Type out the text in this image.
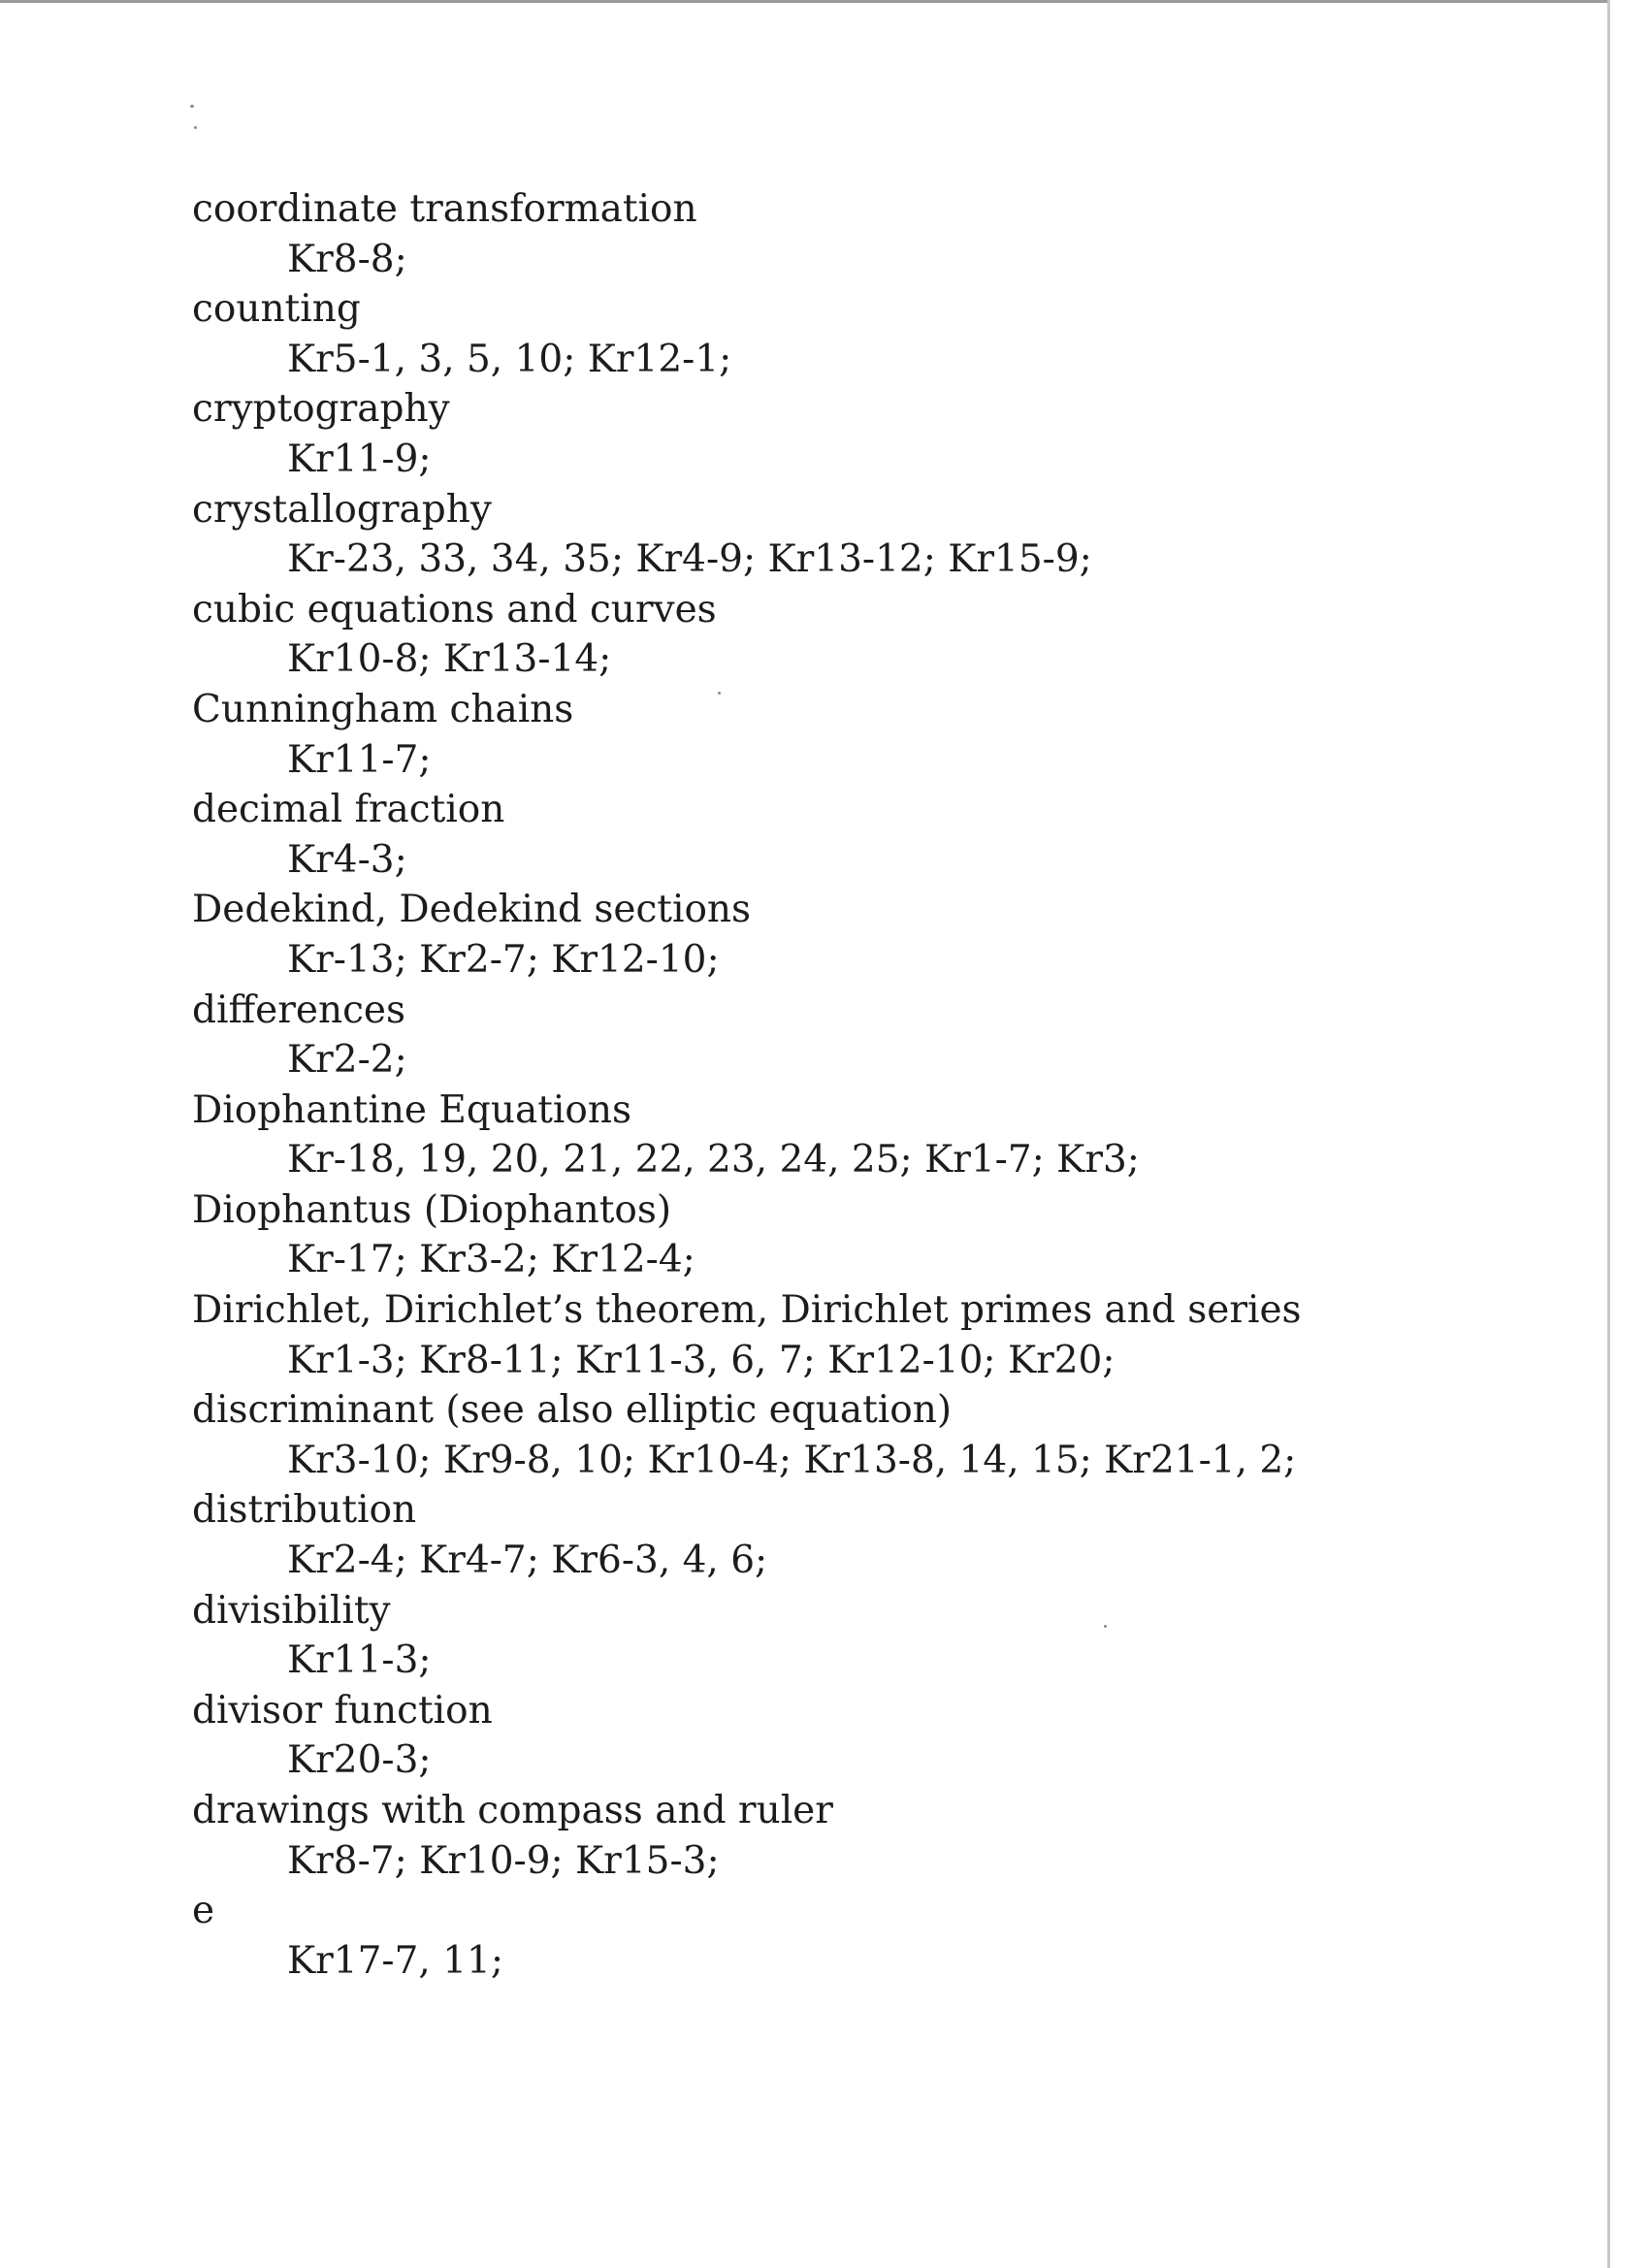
coordinate transformation
Kr8-8;
counting
Kr5-1, 3, 5, 10; Kr12-1;
cryptography
Kr11-9;
crystallography
Kr-23, 33, 34, 35; Kr4-9; Kr13-12; Kr15-9;
cubic equations and curves
Kr10-8; Kr13-14;
Cunningham chains
Kr11-7;
decimal fraction
Kr4-3;
Dedekind, Dedekind sections
Kr-13; Kr2-7; Kr12-10;
differences
Kr2-2;
Diophantine Equations
Kr-18, 19, 20, 21, 22, 23, 24, 25; Kr1-7; Kr3;
Diophantus (Diophantos)
Kr-17; Kr3-2; Kr12-4;
Dirichlet, Dirichlet’s theorem, Dirichlet primes and series
Kr1-3; Kr8-11; Kr11-3, 6, 7; Kr12-10; Kr20;
discriminant (see also elliptic equation)
Kr3-10; Kr9-8, 10; Kr10-4; Kr13-8, 14, 15; Kr21-1, 2;
distribution
Kr2-4; Kr4-7; Kr6-3, 4, 6;
divisibility
Kr11-3;
divisor function
Kr20-3;
drawings with compass and ruler
Kr8-7; Kr10-9; Kr15-3;
e
Kr17-7, 11;
